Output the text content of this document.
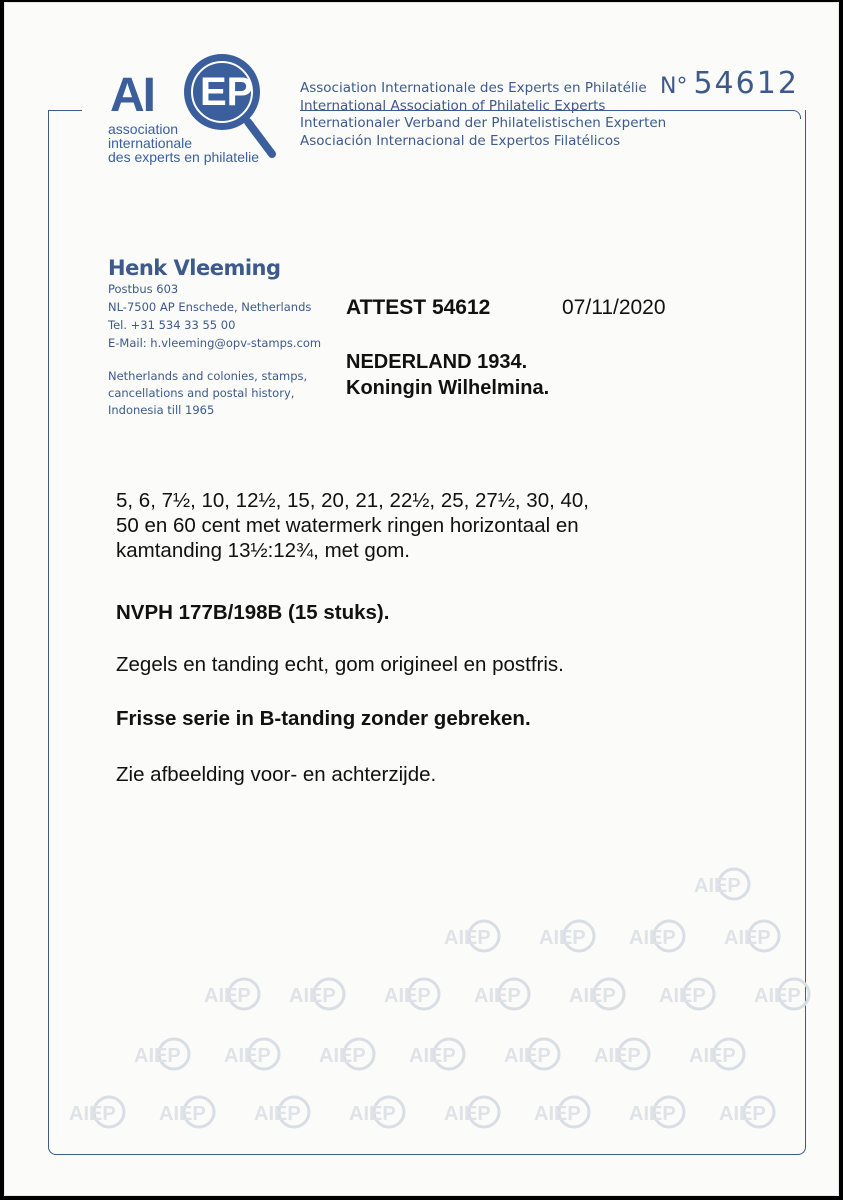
AI EP
association
internationale
des experts en philatelie
Association Internationale des Experts en Philatélie
International Association of Philatelic Experts
Internationaler Verband der Philatelistischen Experten
Asociación Internacional de Expertos Filatélicos
N° 54612
Henk Vleeming
Postbus 603
NL-7500 AP Enschede, Netherlands
Tel. +31 534 33 55 00
E-Mail: h.vleeming@opv-stamps.com
Netherlands and colonies, stamps,
cancellations and postal history,
Indonesia till 1965
ATTEST 54612	07/11/2020
NEDERLAND 1934.
Koningin Wilhelmina.
5, 6, 7½, 10, 12½, 15, 20, 21, 22½, 25, 27½, 30, 40,
50 en 60 cent met watermerk ringen horizontaal en
kamtanding 13½:12¾, met gom.
NVPH 177B/198B (15 stuks).
Zegels en tanding echt, gom origineel en postfris.
Frisse serie in B-tanding zonder gebreken.
Zie afbeelding voor- en achterzijde.
AIEP
AIEP AIEP AIEP AIEP
AIEP AIEP AIEP AIEP AIEP AIEP AIEP
AIEP AIEP AIEP AIEP AIEP AIEP AIEP
AIEP AIEP AIEP AIEP AIEP AIEP AIEP AIEP
